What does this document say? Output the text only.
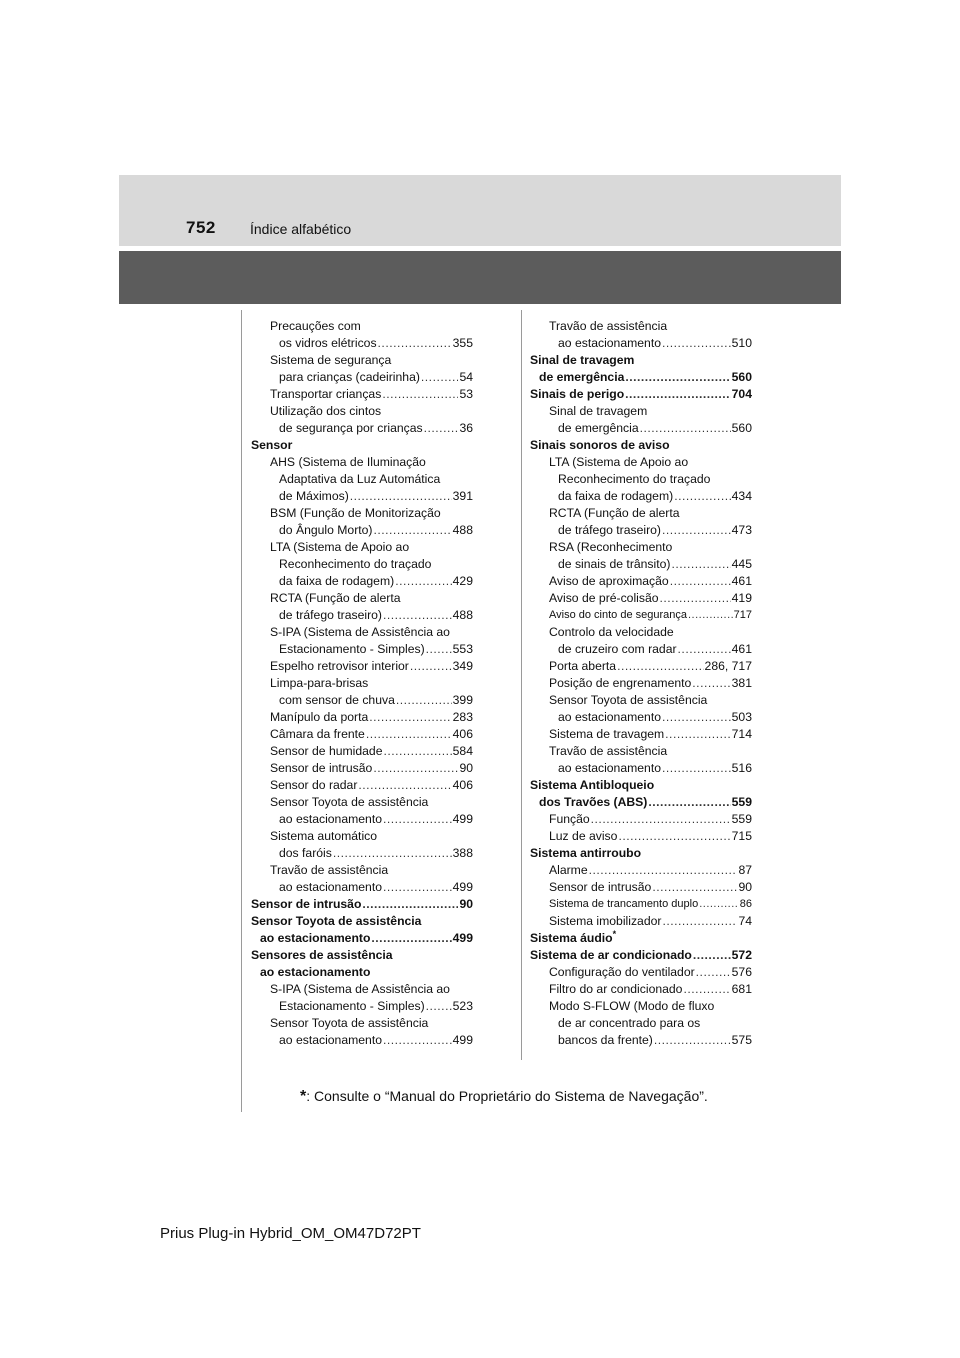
752 Índice alfabético
Precauções com
os vidros elétricos .....	355
Sistema de segurança
para crianças (cadeirinha) .....	54
Transportar crianças .....	53
Utilização dos cintos
de segurança por crianças .....	36
Sensor
AHS (Sistema de Iluminação
Adaptativa da Luz Automática
de Máximos) .....	391
BSM (Função de Monitorização
do Ângulo Morto) .....	488
LTA (Sistema de Apoio ao
Reconhecimento do traçado
da faixa de rodagem) .....	429
RCTA (Função de alerta
de tráfego traseiro) .....	488
S-IPA (Sistema de Assistência ao
Estacionamento - Simples) ..... 553
Espelho retrovisor interior .....	349
Limpa-para-brisas
com sensor de chuva .....	399
Manípulo da porta .....	283
Câmara da frente .....	406
Sensor de humidade .....	584
Sensor de intrusão .....	90
Sensor do radar .....	406
Sensor Toyota de assistência
ao estacionamento .....	499
Sistema automático
dos faróis .....	388
Travão de assistência
ao estacionamento .....	499
Sensor de intrusão .....	90
Sensor Toyota de assistência
ao estacionamento .....	499
Sensores de assistência
ao estacionamento
S-IPA (Sistema de Assistência ao
Estacionamento - Simples) ..... 523
Sensor Toyota de assistência
ao estacionamento .....	499
Travão de assistência
ao estacionamento .....	510
Sinal de travagem
de emergência .....	560
Sinais de perigo .....	704
Sinal de travagem
de emergência .....	560
Sinais sonoros de aviso
LTA (Sistema de Apoio ao
Reconhecimento do traçado
da faixa de rodagem) .....	434
RCTA (Função de alerta
de tráfego traseiro) .....	473
RSA (Reconhecimento
de sinais de trânsito) .....	445
Aviso de aproximação .....	461
Aviso de pré-colisão .....	419
Aviso do cinto de segurança .....	717
Controlo da velocidade
de cruzeiro com radar .....	461
Porta aberta .....	286, 717
Posição de engrenamento .....	381
Sensor Toyota de assistência
ao estacionamento .....	503
Sistema de travagem .....	714
Travão de assistência
ao estacionamento .....	516
Sistema Antibloqueio
dos Travões (ABS) .....	559
Função .....	559
Luz de aviso .....	715
Sistema antirroubo
Alarme .....	87
Sensor de intrusão .....	90
Sistema de trancamento duplo .....	86
Sistema imobilizador .....	74
Sistema áudio*
Sistema de ar condicionado .....	572
Configuração do ventilador .....	576
Filtro do ar condicionado .....	681
Modo S-FLOW (Modo de fluxo
de ar concentrado para os
bancos da frente) .....	575
*: Consulte o “Manual do Proprietário do Sistema de Navegação”.
Prius Plug-in Hybrid_OM_OM47D72PT
